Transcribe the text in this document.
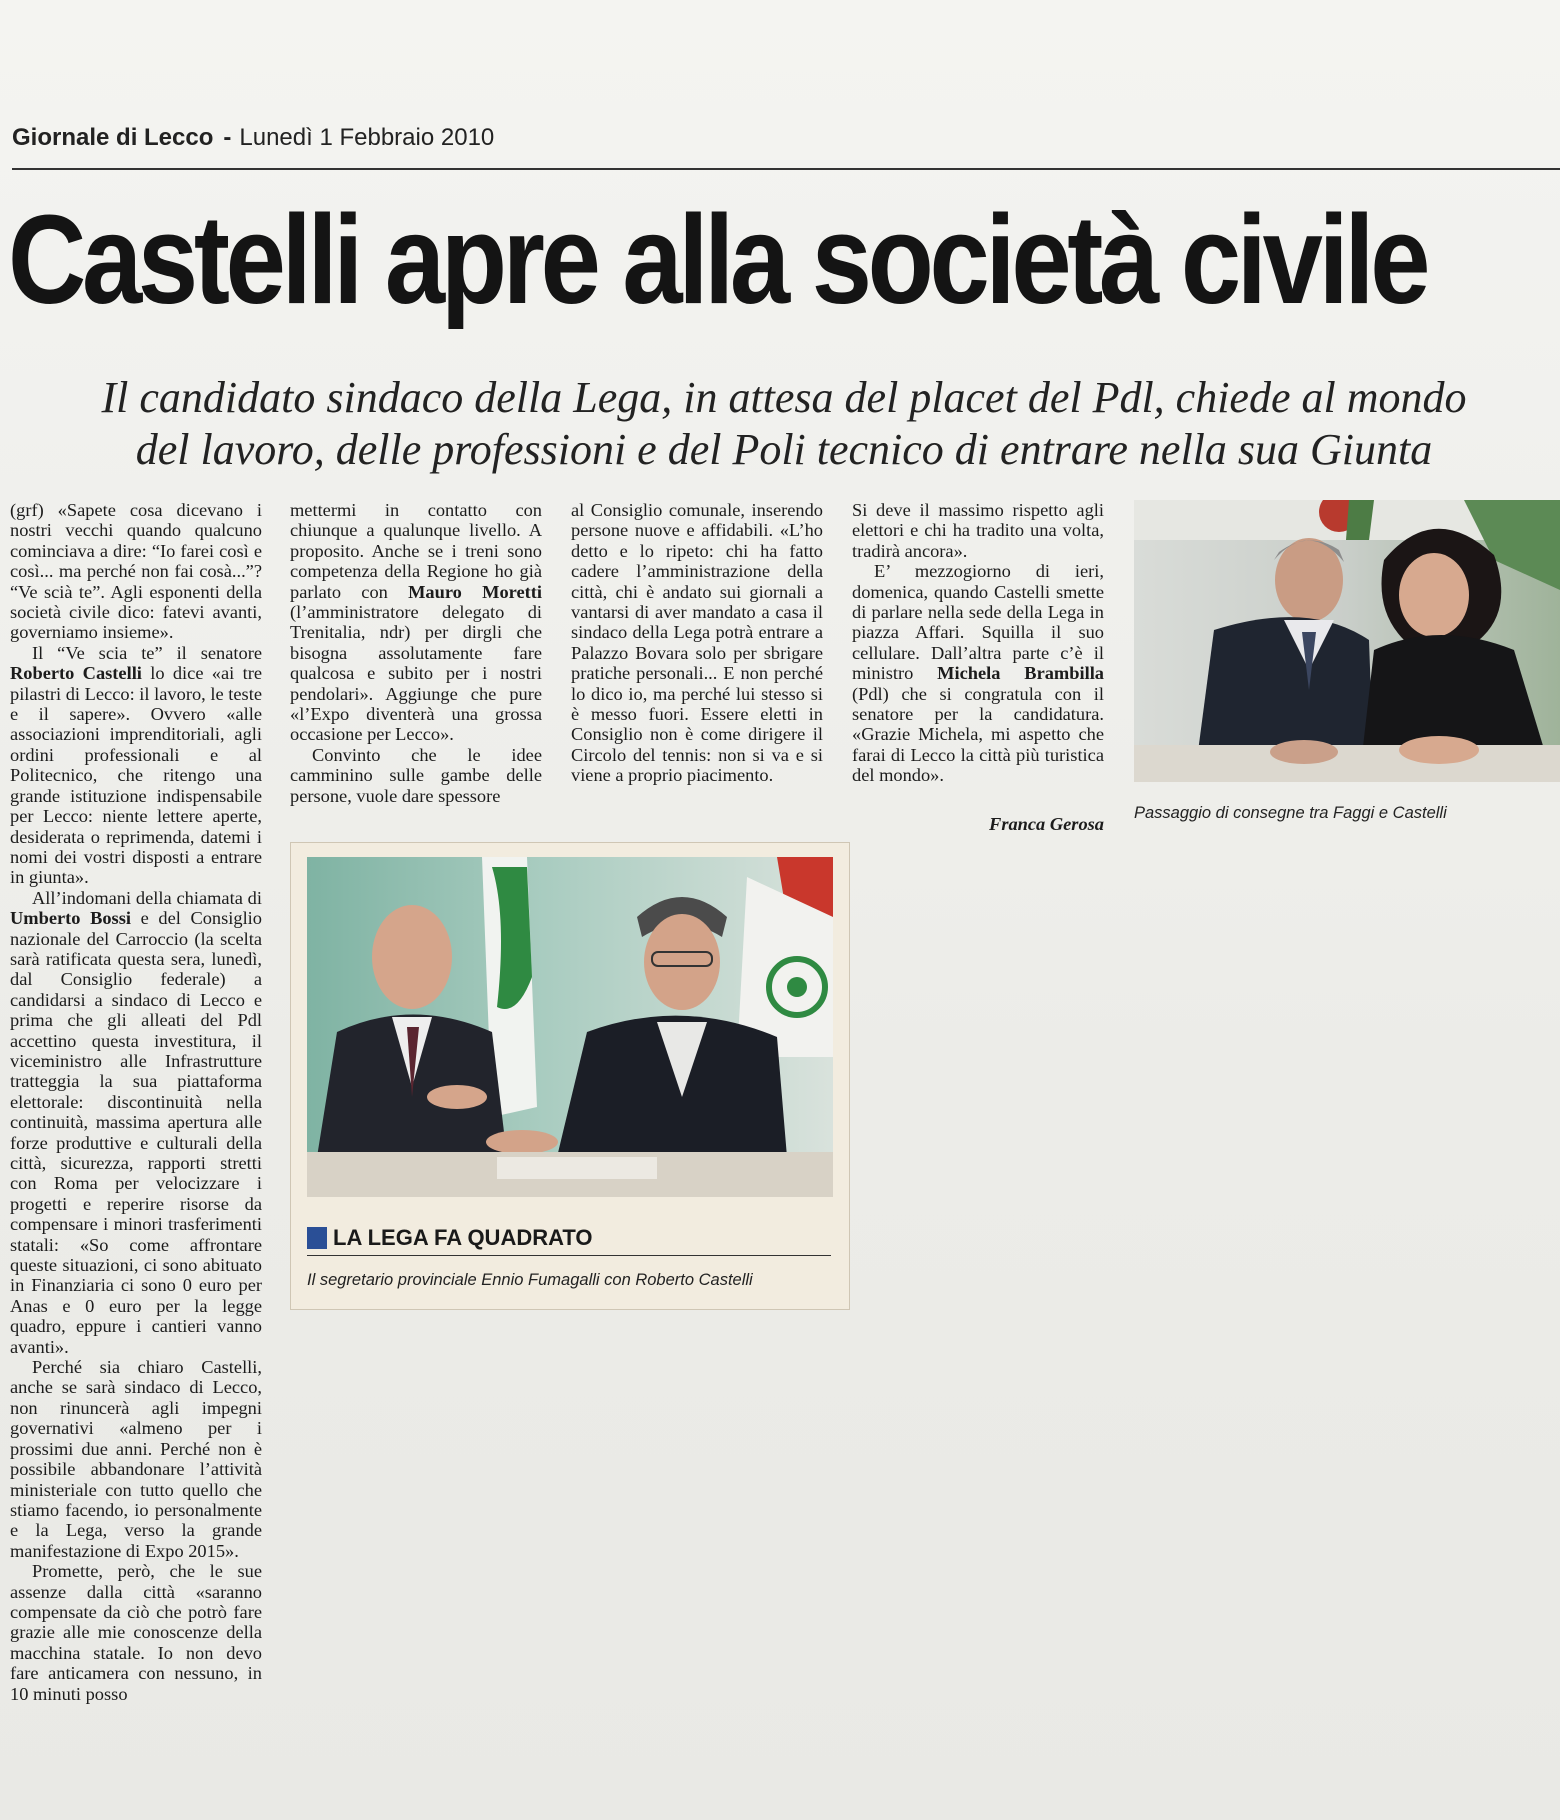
Giornale di Lecco - Lunedì 1 Febbraio 2010
Castelli apre alla società civile
Il candidato sindaco della Lega, in attesa del placet del Pdl, chiede al mondo
del lavoro, delle professioni e del Poli tecnico di entrare nella sua Giunta

(grf) «Sapete cosa dicevano i nostri vecchi quando qualcuno cominciava a dire: “Io farei così e così... ma perché non fai cosà...”? “Ve scià te”. Agli esponenti della società civile dico: fatevi avanti, governiamo insieme».

Il “Ve scia te” il senatore Roberto Castelli lo dice «ai tre pilastri di Lecco: il lavoro, le teste e il sapere». Ovvero «alle associazioni imprenditoriali, agli ordini professionali e al Politecnico, che ritengo una grande istituzione indispensabile per Lecco: niente lettere aperte, desiderata o reprimenda, datemi i nomi dei vostri disposti a entrare in giunta».

All’indomani della chiamata di Umberto Bossi e del Consiglio nazionale del Carroccio (la scelta sarà ratificata questa sera, lunedì, dal Consiglio federale) a candidarsi a sindaco di Lecco e prima che gli alleati del Pdl accettino questa investitura, il viceministro alle Infrastrutture tratteggia la sua piattaforma elettorale: discontinuità nella continuità, massima apertura alle forze produttive e culturali della città, sicurezza, rapporti stretti con Roma per velocizzare i progetti e reperire risorse da compensare i minori trasferimenti statali: «So come affrontare queste situazioni, ci sono abituato in Finanziaria ci sono 0 euro per Anas e 0 euro per la legge quadro, eppure i cantieri vanno avanti».

Perché sia chiaro Castelli, anche se sarà sindaco di Lecco, non rinuncerà agli impegni governativi «almeno per i prossimi due anni. Perché non è possibile abbandonare l’attività ministeriale con tutto quello che stiamo facendo, io personalmente e la Lega, verso la grande manifestazione di Expo 2015».

Promette, però, che le sue assenze dalla città «saranno compensate da ciò che potrò fare grazie alle mie conoscenze della macchina statale. Io non devo fare anticamera con nessuno, in 10 minuti posso

mettermi in contatto con chiunque a qualunque livello. A proposito. Anche se i treni sono competenza della Regione ho già parlato con Mauro Moretti (l’amministratore delegato di Trenitalia, ndr) per dirgli che bisogna assolutamente fare qualcosa e subito per i nostri pendolari». Aggiunge che pure «l’Expo diventerà una grossa occasione per Lecco».

Convinto che le idee camminino sulle gambe delle persone, vuole dare spessore

al Consiglio comunale, inserendo persone nuove e affidabili. «L’ho detto e lo ripeto: chi ha fatto cadere l’amministrazione della città, chi è andato sui giornali a vantarsi di aver mandato a casa il sindaco della Lega potrà entrare a Palazzo Bovara solo per sbrigare pratiche personali... E non perché lo dico io, ma perché lui stesso si è messo fuori. Essere eletti in Consiglio non è come dirigere il Circolo del tennis: non si va e si viene a proprio piacimento.

Si deve il massimo rispetto agli elettori e chi ha tradito una volta, tradirà ancora».

E’ mezzogiorno di ieri, domenica, quando Castelli smette di parlare nella sede della Lega in piazza Affari. Squilla il suo cellulare. Dall’altra parte c’è il ministro Michela Brambilla (Pdl) che si congratula con il senatore per la candidatura. «Grazie Michela, mi aspetto che farai di Lecco la città più turistica del mondo».

Franca Gerosa

Passaggio di consegne tra Faggi e Castelli
LA LEGA FA QUADRATO
Il segretario provinciale Ennio Fumagalli con Roberto Castelli
